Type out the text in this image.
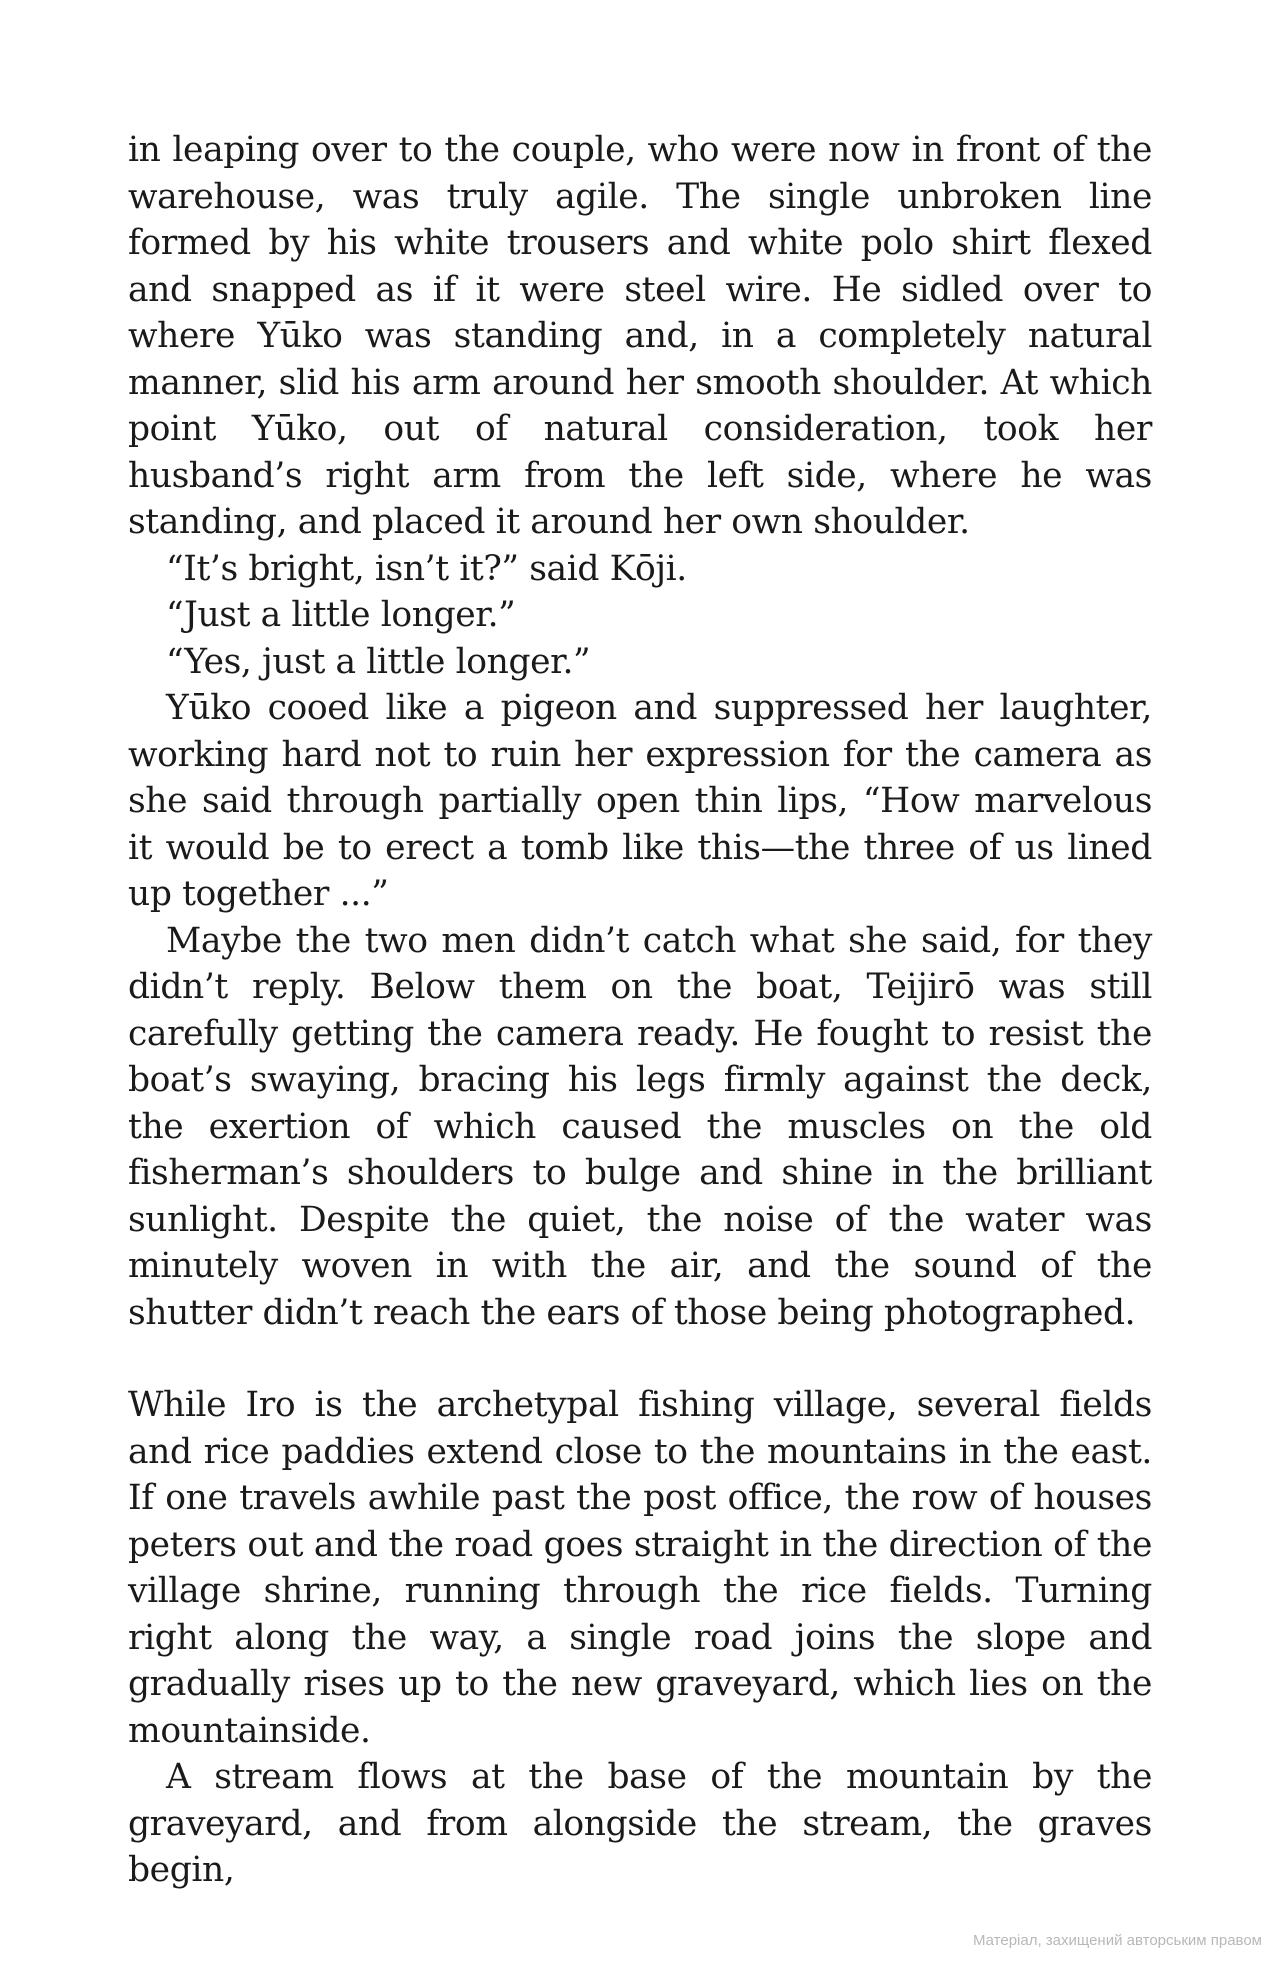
in leaping over to the couple, who were now in front of the warehouse, was truly agile. The single unbroken line formed by his white trousers and white polo shirt flexed and snapped as if it were steel wire. He sidled over to where Yūko was standing and, in a completely natural manner, slid his arm around her smooth shoulder. At which point Yūko, out of natural consideration, took her husband’s right arm from the left side, where he was standing, and placed it around her own shoulder.

“It’s bright, isn’t it?” said Kōji.

“Just a little longer.”

“Yes, just a little longer.”

Yūko cooed like a pigeon and suppressed her laughter, working hard not to ruin her expression for the camera as she said through partially open thin lips, “How marvelous it would be to erect a tomb like this—the three of us lined up together ...”

Maybe the two men didn’t catch what she said, for they didn’t reply. Below them on the boat, Teijirō was still carefully getting the camera ready. He fought to resist the boat’s swaying, bracing his legs firmly against the deck, the exertion of which caused the muscles on the old fisherman’s shoulders to bulge and shine in the brilliant sunlight. Despite the quiet, the noise of the water was minutely woven in with the air, and the sound of the shutter didn’t reach the ears of those being photographed.

While Iro is the archetypal fishing village, several fields and rice paddies extend close to the mountains in the east. If one travels awhile past the post office, the row of houses peters out and the road goes straight in the direction of the village shrine, running through the rice fields. Turning right along the way, a single road joins the slope and gradually rises up to the new graveyard, which lies on the mountainside.

A stream flows at the base of the mountain by the graveyard, and from alongside the stream, the graves begin,

Матеріал, захищений авторським правом
